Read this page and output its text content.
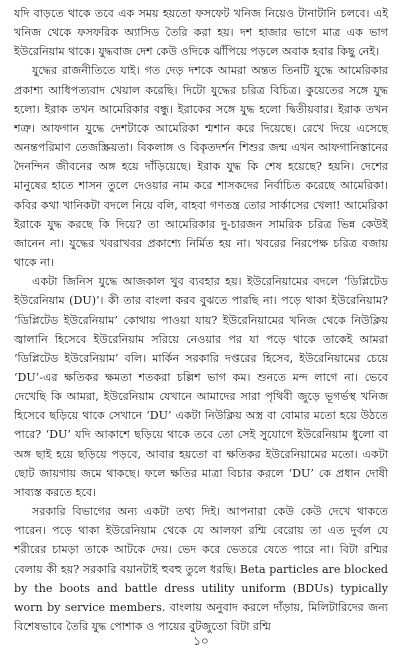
যদি বাড়তে থাকে তবে এক সময় হয়তো ফসফেট খনিজ নিয়েও টানাটানি চলবে। এই খনিজ থেকে ফসফরিক অ্যাসিড তৈরি করা হয়। দশ হাজার ভাগে মাত্র এক ভাগ ইউরেনিয়াম থাকে। যুদ্ধবাজ দেশ কেউ ওদিকে ঝাঁপিয়ে পড়লে অবাক হবার কিছু নেই।

যুদ্ধের রাজনীতিতে যাই। গত দেড় দশকে আমরা অন্তত তিনটি যুদ্ধে আমেরিকার প্রকাশ্য আধিপত্যবাদ খেয়াল করেছি। দিটো যুদ্ধের চরিত্র বিচিত্র। কুয়েতের সঙ্গে যুদ্ধ হলো। ইরাক তখন আমেরিকার বন্ধু। ইরাকের সঙ্গে যুদ্ধ হলো দ্বিতীয়বার। ইরাক তখন শত্রু। আফগান যুদ্ধে দেশটাকে আমেরিকা শ্মশান করে দিয়েছে। রেখে দিয়ে এসেছে অনন্তপরিমাণ তেজস্ক্রিয়তা। বিকলাঙ্গ ও বিকৃতদর্শন শিশুর জন্ম এখন আফগানিস্তানের দৈনন্দিন জীবনের অঙ্গ হয়ে দাঁড়িয়েছে। ইরাক যুদ্ধ কি শেষ হয়েছে? হয়নি। দেশের মানুষের হাতে শাসন তুলে দেওয়ার নাম করে শাসকদের নির্বাচিত করেছে আমেরিকা। কবির কথা খানিকটা বদলে নিয়ে বলি, বাহবা গণতন্ত্র তোর সার্কাসের খেলা! আমেরিকা ইরাকে যুদ্ধ করছে কি দিয়ে? তা আমেরিকার দু-চারজন সামরিক চরিত্র ভিন্ন কেউই জানেন না। যুদ্ধের খবরাখবর প্রকাশ্যে নির্মিত হয় না। খবরের নিরপেক্ষ চরিত্র বজায় থাকে না।

একটা জিনিস যুদ্ধে আজকাল খুব ব্যবহার হয়। ইউরেনিয়ামের বদলে ‘ডিপ্লিটেড ইউরেনিয়াম (DU)’। কী তার বাংলা করব বুঝতে পারছি না। পড়ে থাকা ইউরেনিয়াম? ‘ডিপ্লিটেড ইউরেনিয়াম’ কোথায় পাওয়া যায়? ইউরেনিয়ামের খনিজ থেকে নিউক্লিয় জ্বালানি হিসেবে ইউরেনিয়াম সরিয়ে নেওয়ার পর যা পড়ে থাকে তাকেই আমরা ‘ডিপ্লিটেড ইউরেনিয়াম’ বলি। মার্কিন সরকারি দপ্তরের হিসেব, ইউরেনিয়ামের চেয়ে ‘DU’-এর ক্ষতিকর ক্ষমতা শতকরা চল্লিশ ভাগ কম। শুনতে মন্দ লাগে না। ভেবে দেখেছি কি আমরা, ইউরেনিয়াম যেখানে আমাদের সারা পৃথিবী জুড়ে ভূগর্ভস্থ খনিজ হিসেবে ছড়িয়ে থাকে সেখানে ‘DU’ একটা নিউক্লিয় অস্ত্র বা বোমার মতো হয়ে উঠতে পারে? ‘DU’ যদি আকাশে ছড়িয়ে থাকে তবে তো সেই সুযোগে ইউরেনিয়াম ধুলো বা অঙ্গ ছাই হয়ে ছড়িয়ে পড়বে, আবার হয়তো বা ক্ষতিকর ইউরেনিয়ামের মতো। একটা ছোট জায়গায় জমে থাকছে। ফলে ক্ষতির মাত্রা বিচার করলে ‘DU’ কে প্রধান দোষী সাব্যস্ত করতে হবে।

সরকারি বিভাগের অন্য একটা তথ্য দিই। আপনারা কেউ কেউ দেখে থাকতে পারেন। পড়ে থাকা ইউরেনিয়াম থেকে যে আলফা রশ্মি বেরোয় তা এত দুর্বল যে শরীরের চামড়া তাকে আটকে দেয়। ভেদ করে ভেতরে যেতে পারে না। বিটা রশ্মির বেলায় কী হয়? সরকারি বয়ানটাই হুবহু তুলে ধরছি। Beta particles are blocked by the boots and battle dress utility uniform (BDUs) typically worn by service members. বাংলায় অনুবাদ করলে দাঁড়ায়, মিলিটারিদের জন্য বিশেষভাবে তৈরি যুদ্ধ পোশাক ও পায়ের বুটজুতো বিটা রশ্মি

১০
